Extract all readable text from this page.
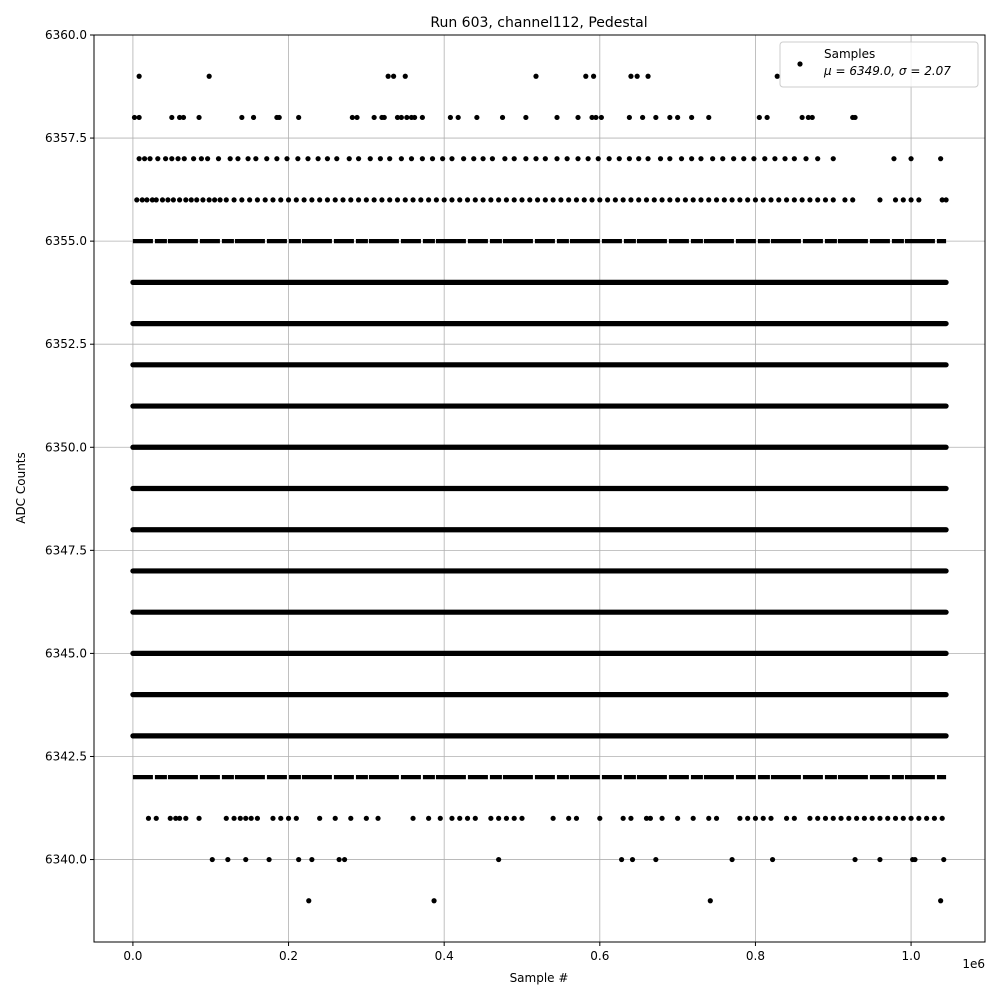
0.0	0.2	0.4	0.6	0.8	1.0
6340.0
6342.5
6345.0
6347.5
6350.0
6352.5
6355.0
6357.5
6360.0
Run 603, channel112, Pedestal
Sample #
ADC Counts
1e6
Samples
μ = 6349.0, σ = 2.07
